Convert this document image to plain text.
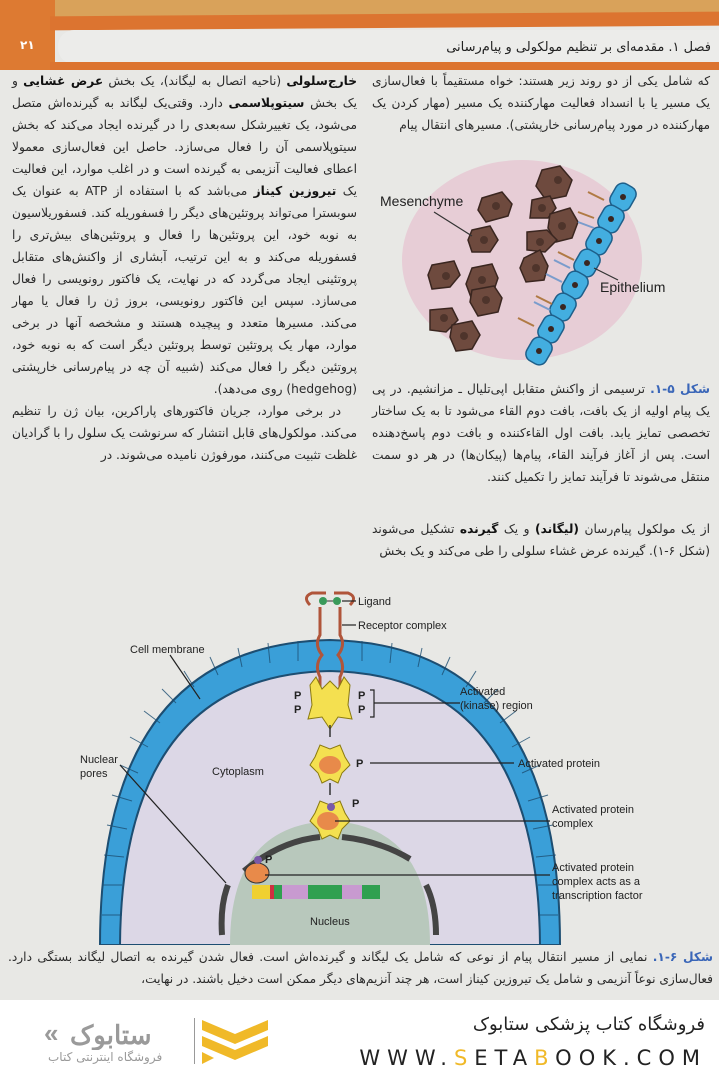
فصل ۱. مقدمه‌ای بر تنظیم مولکولی و پیام‌رسانی
۲۱

که شامل یکی از دو روند زیر هستند: خواه مستقیماً با فعال‌سازی یک مسیر یا با انسداد فعالیت مهارکننده یک مسیر (مهار کردن یک مهارکننده در مورد پیام‌رسانی خارپشتی). مسیرهای انتقال پیام

Mesenchyme
Epithelium

شکل ۵-۱. ترسیمی از واکنش متقابل اپی‌تلیال ـ مزانشیم. در پی یک پیام اولیه از یک بافت، بافت دوم القاء می‌شود تا به یک ساختار تخصصی تمایز یابد. بافت اول القاءکننده و بافت دوم پاسخ‌دهنده است. پس از آغاز فرآیند القاء، پیام‌ها (پیکان‌ها) در هر دو سمت منتقل می‌شوند تا فرآیند تمایز را تکمیل کنند.

از یک مولکول پیام‌رسان (لیگاند) و یک گیرنده تشکیل می‌شوند (شکل ۶-۱). گیرنده عرض غشاء سلولی را طی می‌کند و یک بخش

خارج‌سلولی (ناحیه اتصال به لیگاند)، یک بخش عرض غشایی و یک بخش سیتوپلاسمی دارد. وقتی‌یک لیگاند به گیرنده‌اش متصل می‌شود، یک تغییرشکل سه‌بعدی را در گیرنده ایجاد می‌کند که بخش سیتوپلاسمی آن را فعال می‌سازد. حاصل این فعال‌سازی معمولا اعطای فعالیت آنزیمی به گیرنده است و در اغلب موارد، این فعالیت یک تیروزین کیناز می‌باشد که با استفاده از ATP به عنوان یک سوبسترا می‌تواند پروتئین‌های دیگر را فسفوریله کند. فسفوریلاسیون به نوبه خود، این پروتئین‌ها را فعال و پروتئین‌های بیش‌تری را فسفوریله می‌کند و به این ترتیب، آبشاری از واکنش‌های متقابل پروتئینی ایجاد می‌گردد که در نهایت، یک فاکتور رونویسی را فعال می‌سازد. سپس این فاکتور رونویسی، بروز ژن را فعال یا مهار می‌کند. مسیرها متعدد و پیچیده هستند و مشخصه آنها در برخی موارد، مهار یک پروتئین توسط پروتئین دیگر است که به نوبه خود، پروتئین دیگر را فعال می‌کند (شبیه آن چه در پیام‌رسانی خارپشتی (hedgehog) روی می‌دهد).

در برخی موارد، جریان فاکتورهای پاراکرین، بیان ژن را تنظیم می‌کند. مولکول‌های قابل انتشار که سرنوشت یک سلول را با گرادیان غلظت تثبیت می‌کنند، مورفوژن نامیده می‌شوند. در

P
P
P
P
P
P
P
Ligand
Receptor complex
Cell membrane
Activated
(kinase) region
Activated protein
Activated protein
complex
Activated protein
complex acts as a
transcription factor
Nuclear
pores	Cytoplasm
Nucleus
شکل ۶-۱. نمایی از مسیر انتقال پیام از نوعی که شامل یک لیگاند و گیرنده‌اش است. فعال شدن گیرنده به اتصال لیگاند بستگی دارد. فعال‌سازی نوعاً آنزیمی و شامل یک تیروزین کیناز است، هر چند آنزیم‌های دیگر ممکن است دخیل باشند. در نهایت،
فروشگاه کتاب پزشکی ستابوک
WWW.SETABOOK.COM
« ستابوک
فروشگاه اینترنتی کتاب
